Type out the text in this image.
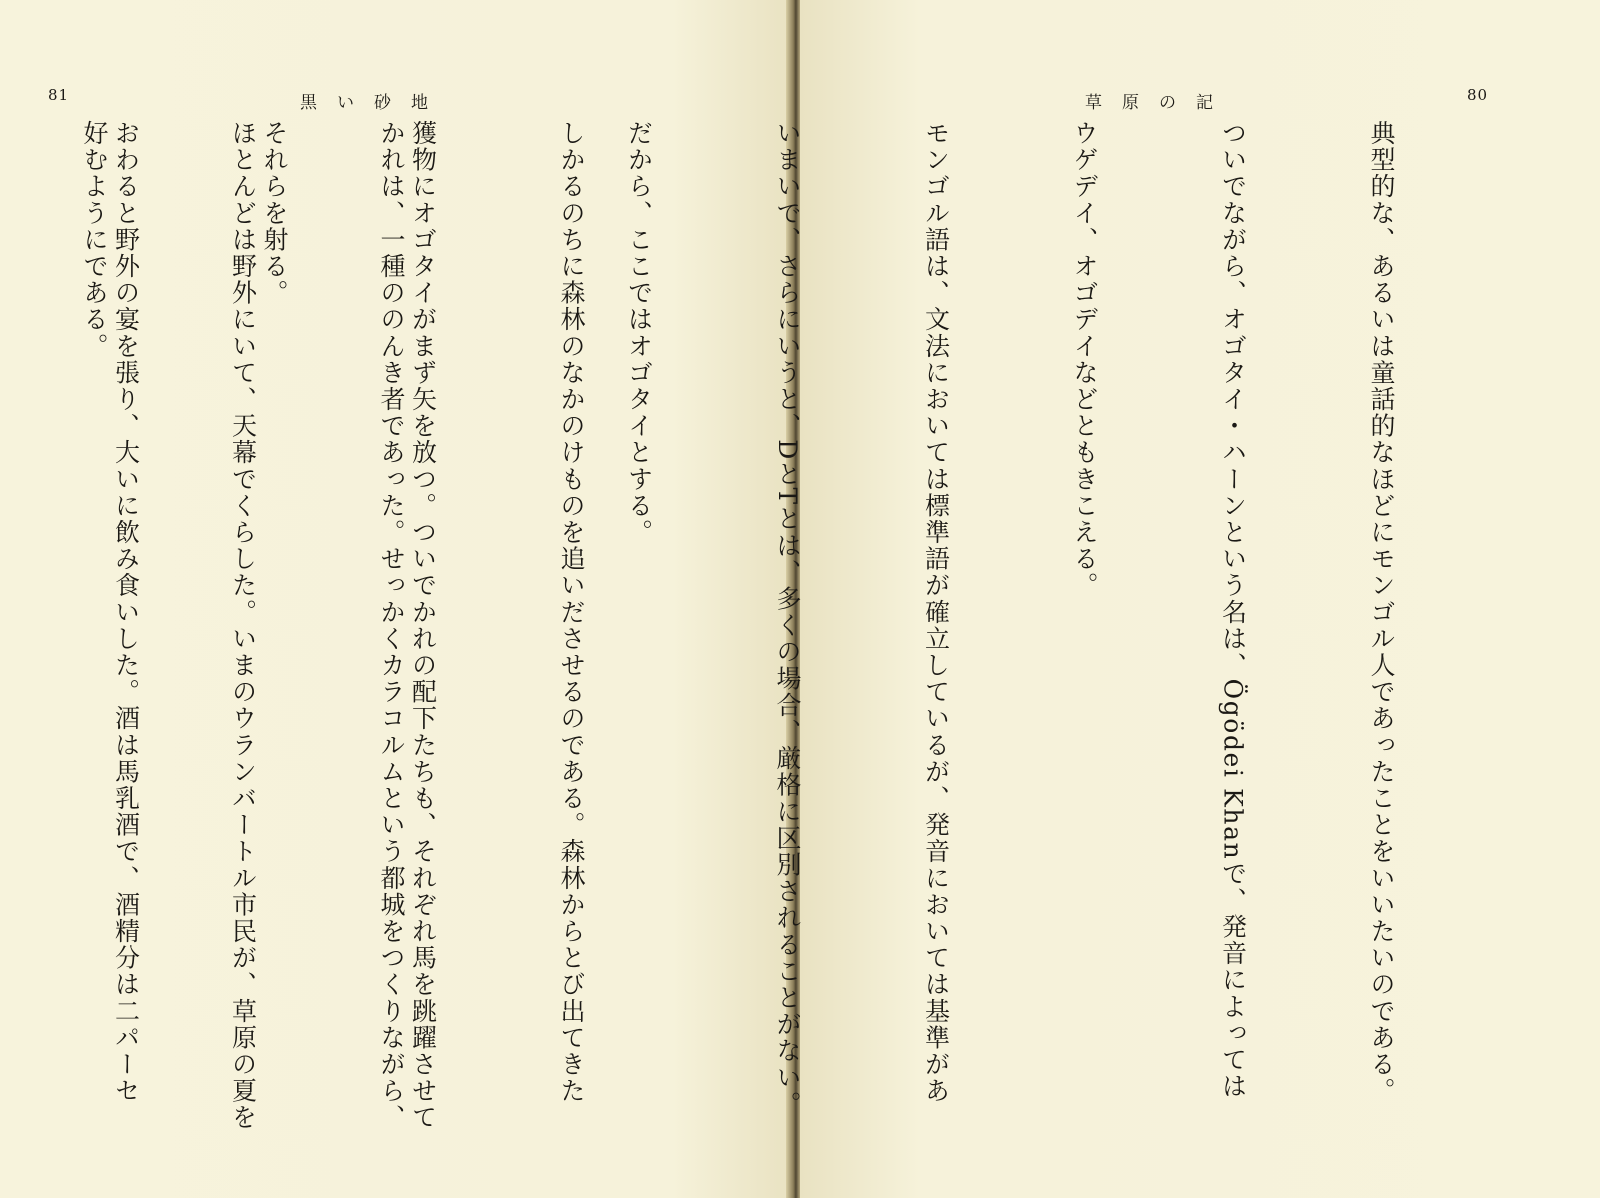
81	黒い砂地

しかるのちに森林のなかのけものを追いださせるのである。森林からとび出てきた

獲物にオゴタイがまず矢を放つ。ついでかれの配下たちも、それぞれ馬を跳躍させて

それらを射る。

おわると野外の宴を張り、大いに飲み食いした。酒は馬乳酒で、酒精分は二パーセ

草原の記	80

典型的な、あるいは童話的なほどにモンゴル人であったことをいいたいのである。

ついでながら、オゴタイ・ハーンという名は、Ögödei Khanで、発音によっては

ウゲデイ、オゴデイなどともきこえる。

モンゴル語は、文法においては標準語が確立しているが、発音においては基準があ

いまいで、さらにいうと、DとTとは、多くの場合、厳格に区別されることがない。

だから、ここではオゴタイとする。

かれは、一種ののんき者であった。せっかくカラコルムという都城をつくりながら、

ほとんどは野外にいて、天幕でくらした。いまのウランバートル市民が、草原の夏を

好むようにである。
